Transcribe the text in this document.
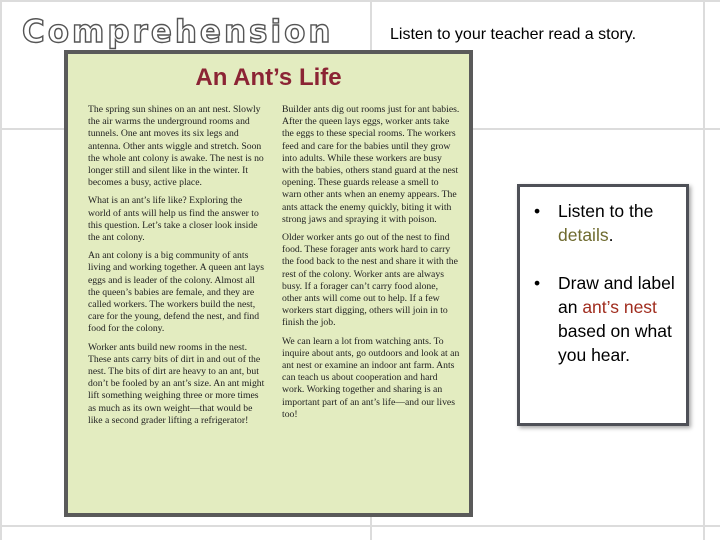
Comprehension	Listen to your teacher read a story.
An Ant’s Life

The spring sun shines on an ant nest. Slowly the air warms the underground rooms and tunnels. One ant moves its six legs and antenna. Other ants wiggle and stretch. Soon the whole ant colony is awake. The nest is no longer still and silent like in the winter. It becomes a busy, active place.

What is an ant’s life like? Exploring the world of ants will help us find the answer to this question. Let’s take a closer look inside the ant colony.

An ant colony is a big community of ants living and working together. A queen ant lays eggs and is leader of the colony. Almost all the queen’s babies are female, and they are called workers. The workers build the nest, care for the young, defend the nest, and find food for the colony.

Worker ants build new rooms in the nest. These ants carry bits of dirt in and out of the nest. The bits of dirt are heavy to an ant, but don’t be fooled by an ant’s size. An ant might lift something weighing three or more times as much as its own weight—that would be like a second grader lifting a refrigerator!

Builder ants dig out rooms just for ant babies. After the queen lays eggs, worker ants take the eggs to these special rooms. The workers feed and care for the babies until they grow into adults. While these workers are busy with the babies, others stand guard at the nest opening. These guards release a smell to warn other ants when an enemy appears. The ants attack the enemy quickly, biting it with strong jaws and spraying it with poison.

Older worker ants go out of the nest to find food. These forager ants work hard to carry the food back to the nest and share it with the rest of the colony. Worker ants are always busy. If a forager can’t carry food alone, other ants will come out to help. If a few workers start digging, others will join in to finish the job.

We can learn a lot from watching ants. To inquire about ants, go outdoors and look at an ant nest or examine an indoor ant farm. Ants can teach us about cooperation and hard work. Working together and sharing is an important part of an ant’s life—and our lives too!

•	Listen to the details.
•	Draw and label an ant’s nest based on what you hear.
